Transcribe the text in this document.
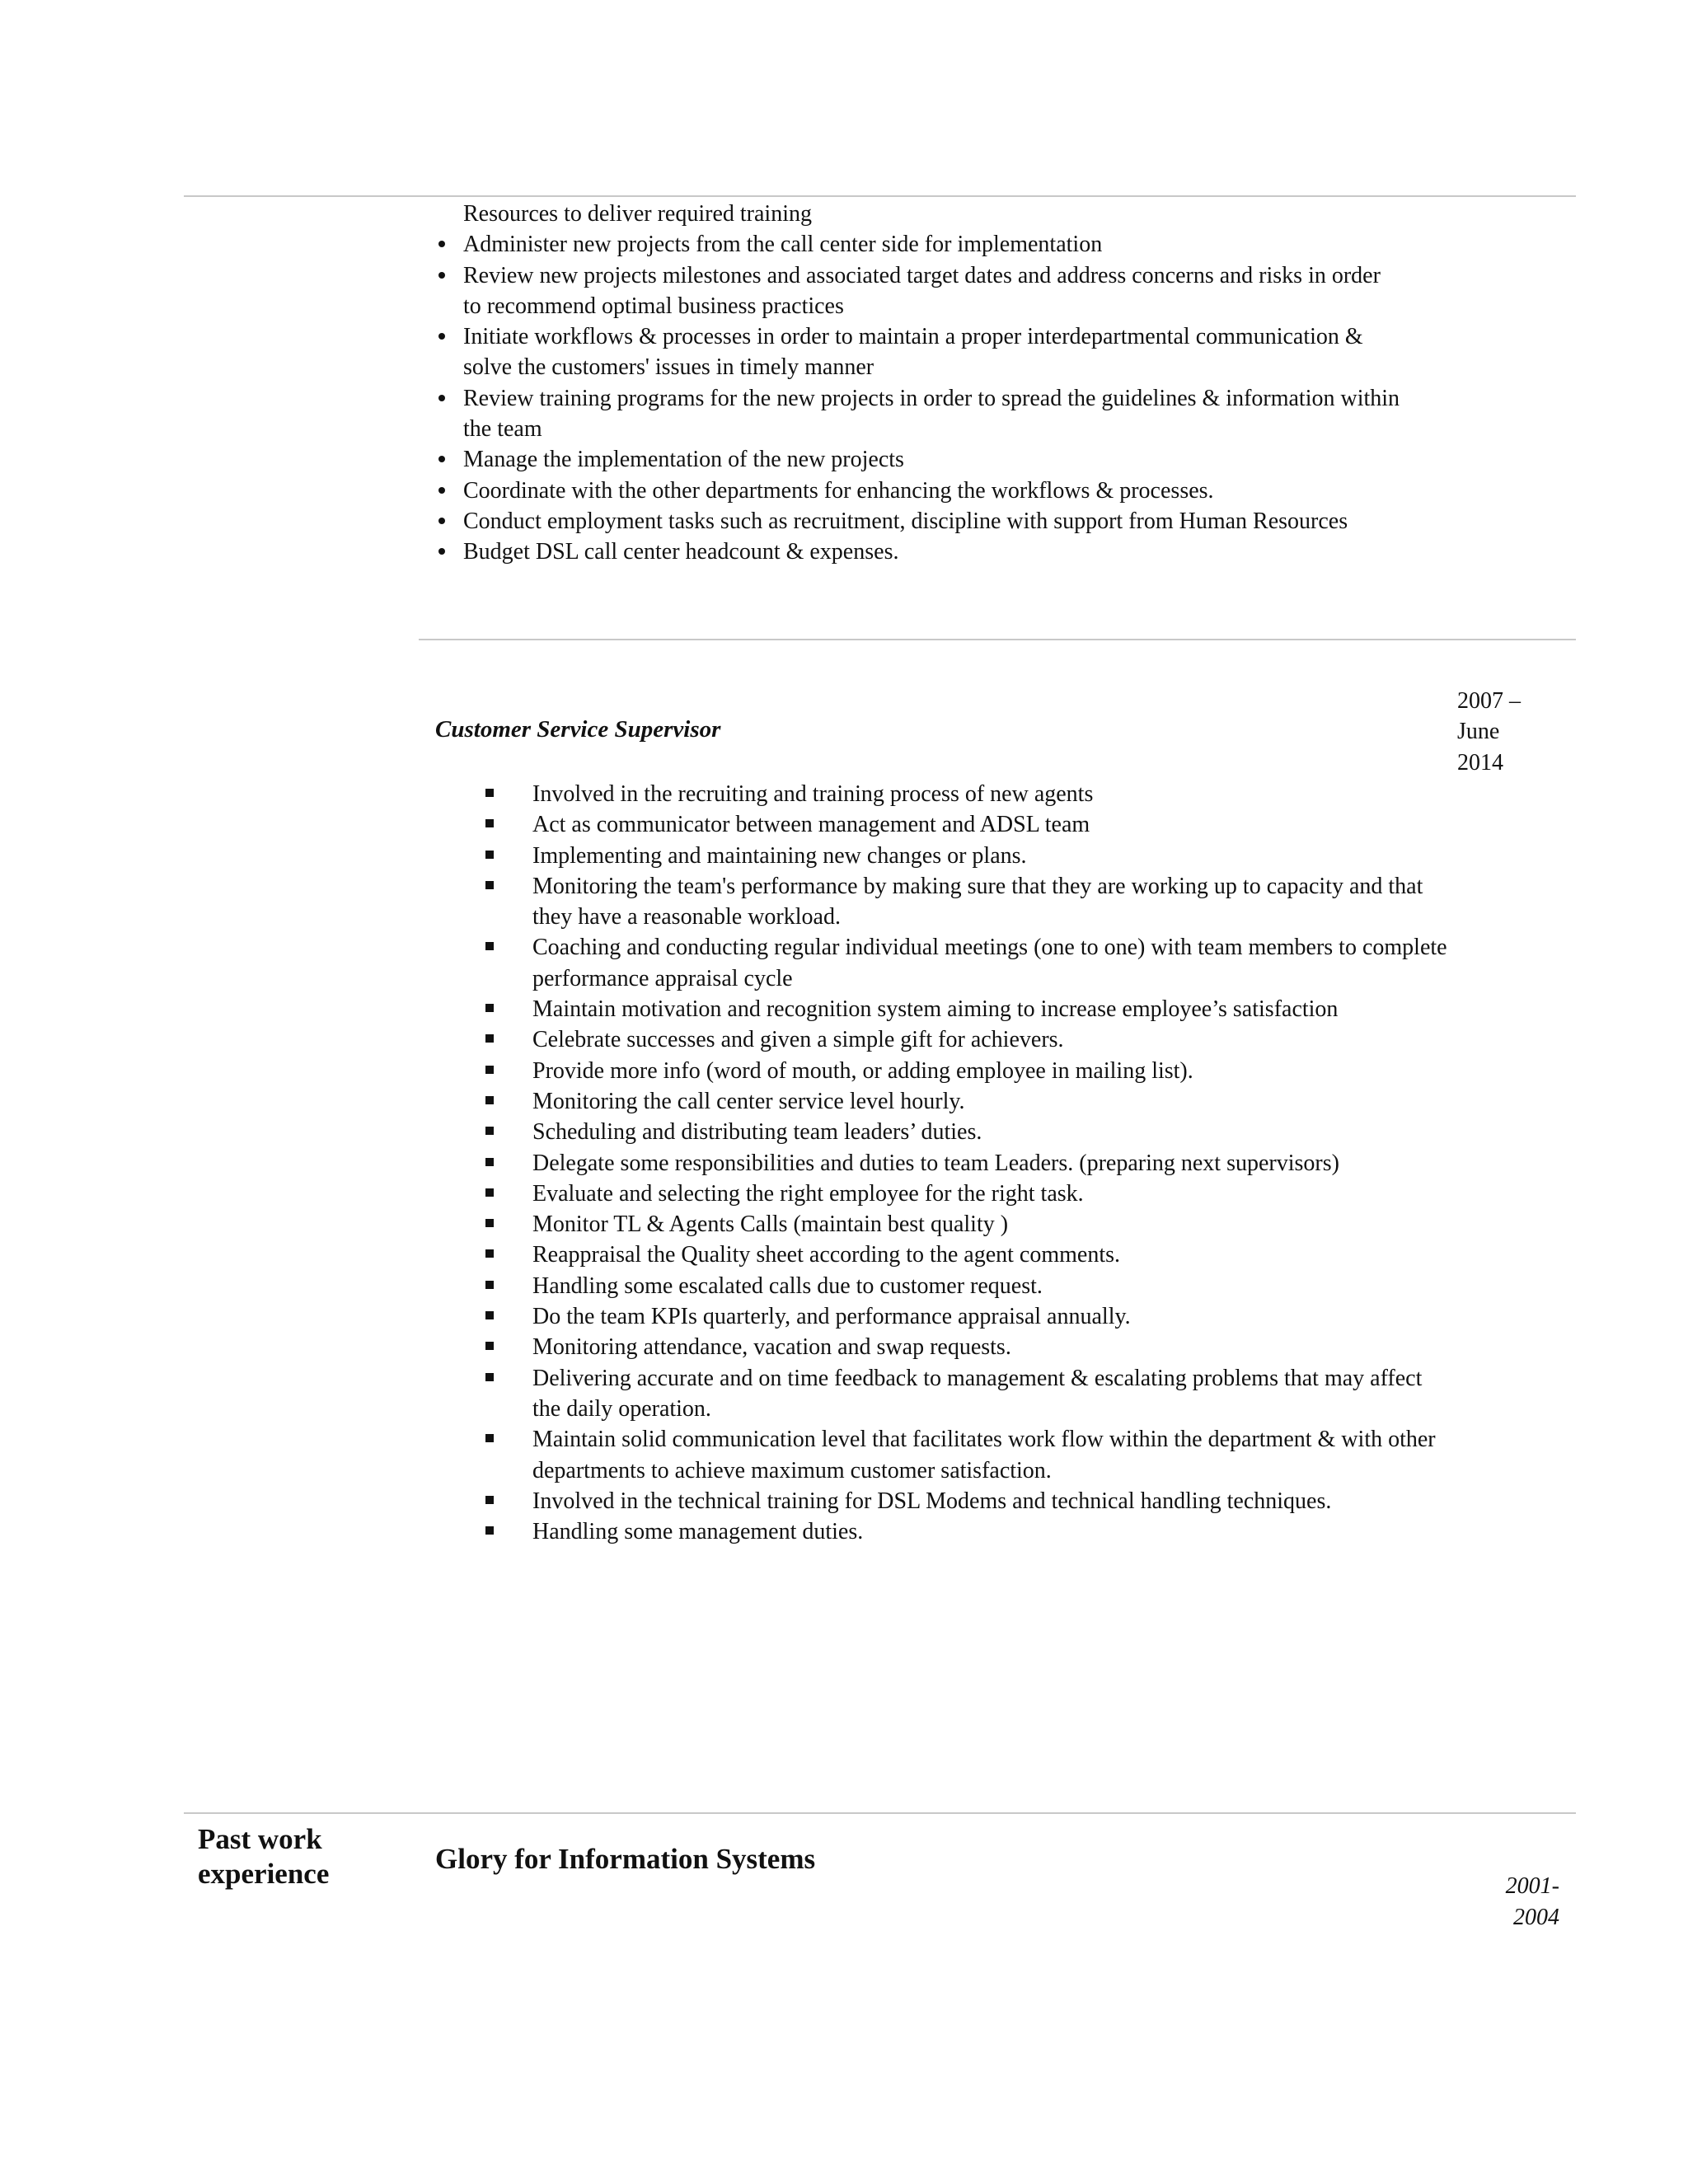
Resources to deliver required training
Administer new projects from the call center side for implementation
Review new projects milestones and associated target dates and address concerns and risks in order to recommend optimal business practices
Initiate workflows & processes in order to maintain a proper interdepartmental communication & solve the customers' issues in timely manner
Review training programs for the new projects in order to spread the guidelines & information within the team
Manage the implementation of the new projects
Coordinate with the other departments for enhancing the workflows & processes.
Conduct employment tasks such as recruitment, discipline with support from Human Resources
Budget DSL call center headcount & expenses.
Customer Service Supervisor
2007 –
June
2014
Involved in the recruiting and training process of new agents
Act as communicator between management and ADSL team
Implementing and maintaining new changes or plans.
Monitoring the team's performance by making sure that they are working up to capacity and that they have a reasonable workload.
Coaching and conducting regular individual meetings (one to one) with team members to complete performance appraisal cycle
Maintain motivation and recognition system aiming to increase employee’s satisfaction
Celebrate successes and given a simple gift for achievers.
Provide more info (word of mouth, or adding employee in mailing list).
Monitoring the call center service level hourly.
Scheduling and distributing team leaders’ duties.
Delegate some responsibilities and duties to team Leaders. (preparing next supervisors)
Evaluate and selecting the right employee for the right task.
Monitor TL & Agents Calls (maintain best quality )
Reappraisal the Quality sheet according to the agent comments.
Handling some escalated calls due to customer request.
Do the team KPIs quarterly, and performance appraisal annually.
Monitoring attendance, vacation and swap requests.
Delivering accurate and on time feedback to management & escalating problems that may affect the daily operation.
Maintain solid communication level that facilitates work flow within the department & with other departments to achieve maximum customer satisfaction.
Involved in the technical training for DSL Modems and technical handling techniques.
Handling some management duties.
Past work
experience	Glory for Information Systems
2001-
2004
